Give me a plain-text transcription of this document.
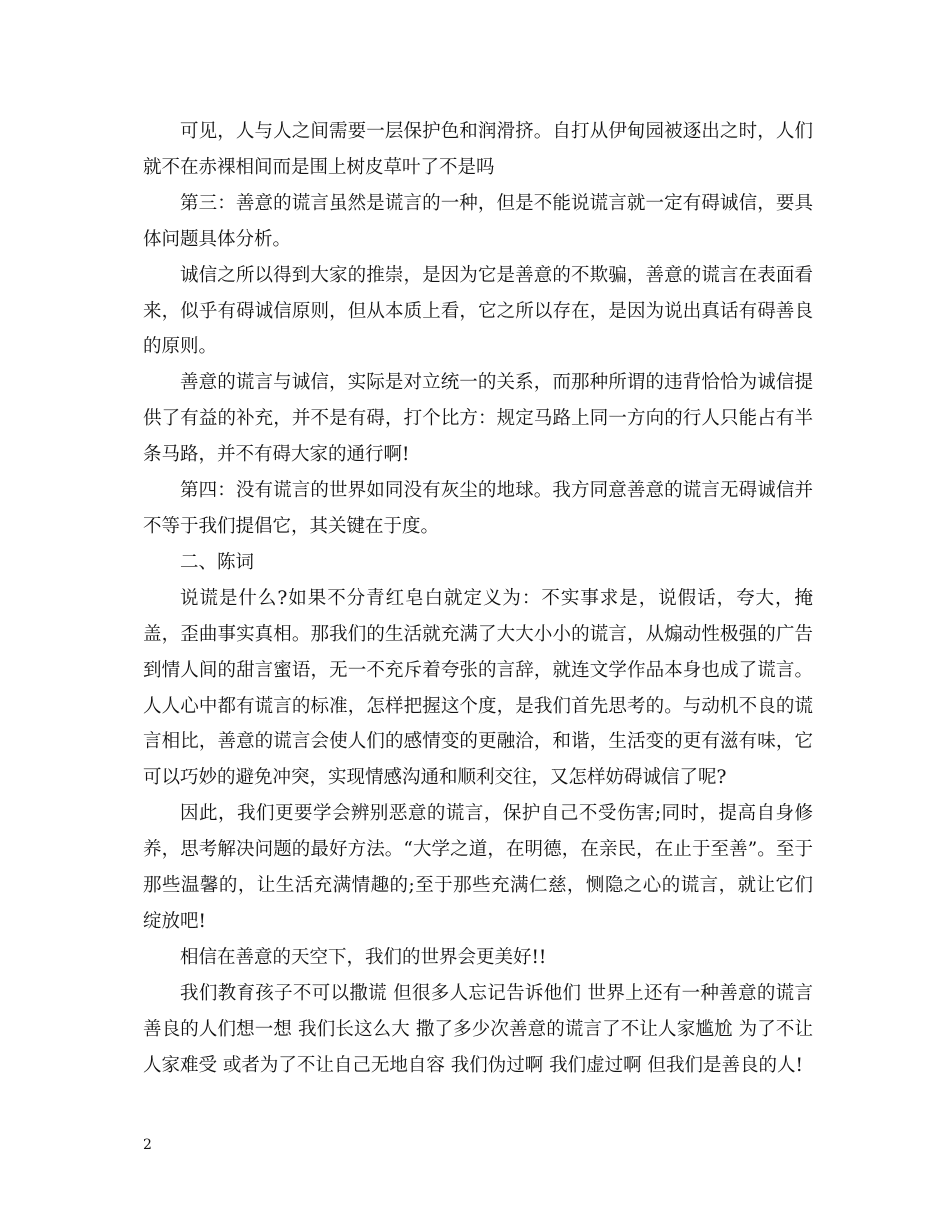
可见，人与人之间需要一层保护色和润滑挤。自打从伊甸园被逐出之时，人们就不在赤裸相间而是围上树皮草叶了不是吗

第三：善意的谎言虽然是谎言的一种，但是不能说谎言就一定有碍诚信，要具体问题具体分析。

诚信之所以得到大家的推崇，是因为它是善意的不欺骗，善意的谎言在表面看来，似乎有碍诚信原则，但从本质上看，它之所以存在，是因为说出真话有碍善良的原则。

善意的谎言与诚信，实际是对立统一的关系，而那种所谓的违背恰恰为诚信提供了有益的补充，并不是有碍，打个比方：规定马路上同一方向的行人只能占有半条马路，并不有碍大家的通行啊!

第四：没有谎言的世界如同没有灰尘的地球。我方同意善意的谎言无碍诚信并不等于我们提倡它，其关键在于度。

二、陈词

说谎是什么?如果不分青红皂白就定义为：不实事求是，说假话，夸大，掩盖，歪曲事实真相。那我们的生活就充满了大大小小的谎言，从煽动性极强的广告到情人间的甜言蜜语，无一不充斥着夸张的言辞，就连文学作品本身也成了谎言。人人心中都有谎言的标准，怎样把握这个度，是我们首先思考的。与动机不良的谎言相比，善意的谎言会使人们的感情变的更融洽，和谐，生活变的更有滋有味，它可以巧妙的避免冲突，实现情感沟通和顺利交往，又怎样妨碍诚信了呢?

因此，我们更要学会辨别恶意的谎言，保护自己不受伤害;同时，提高自身修养，思考解决问题的最好方法。“大学之道，在明德，在亲民，在止于至善”。至于那些温馨的，让生活充满情趣的;至于那些充满仁慈，恻隐之心的谎言，就让它们绽放吧!

相信在善意的天空下，我们的世界会更美好!!

我们教育孩子不可以撒谎 但很多人忘记告诉他们 世界上还有一种善意的谎言 善良的人们想一想 我们长这么大 撒了多少次善意的谎言了不让人家尴尬 为了不让人家难受 或者为了不让自己无地自容 我们伪过啊 我们虚过啊 但我们是善良的人!

2
